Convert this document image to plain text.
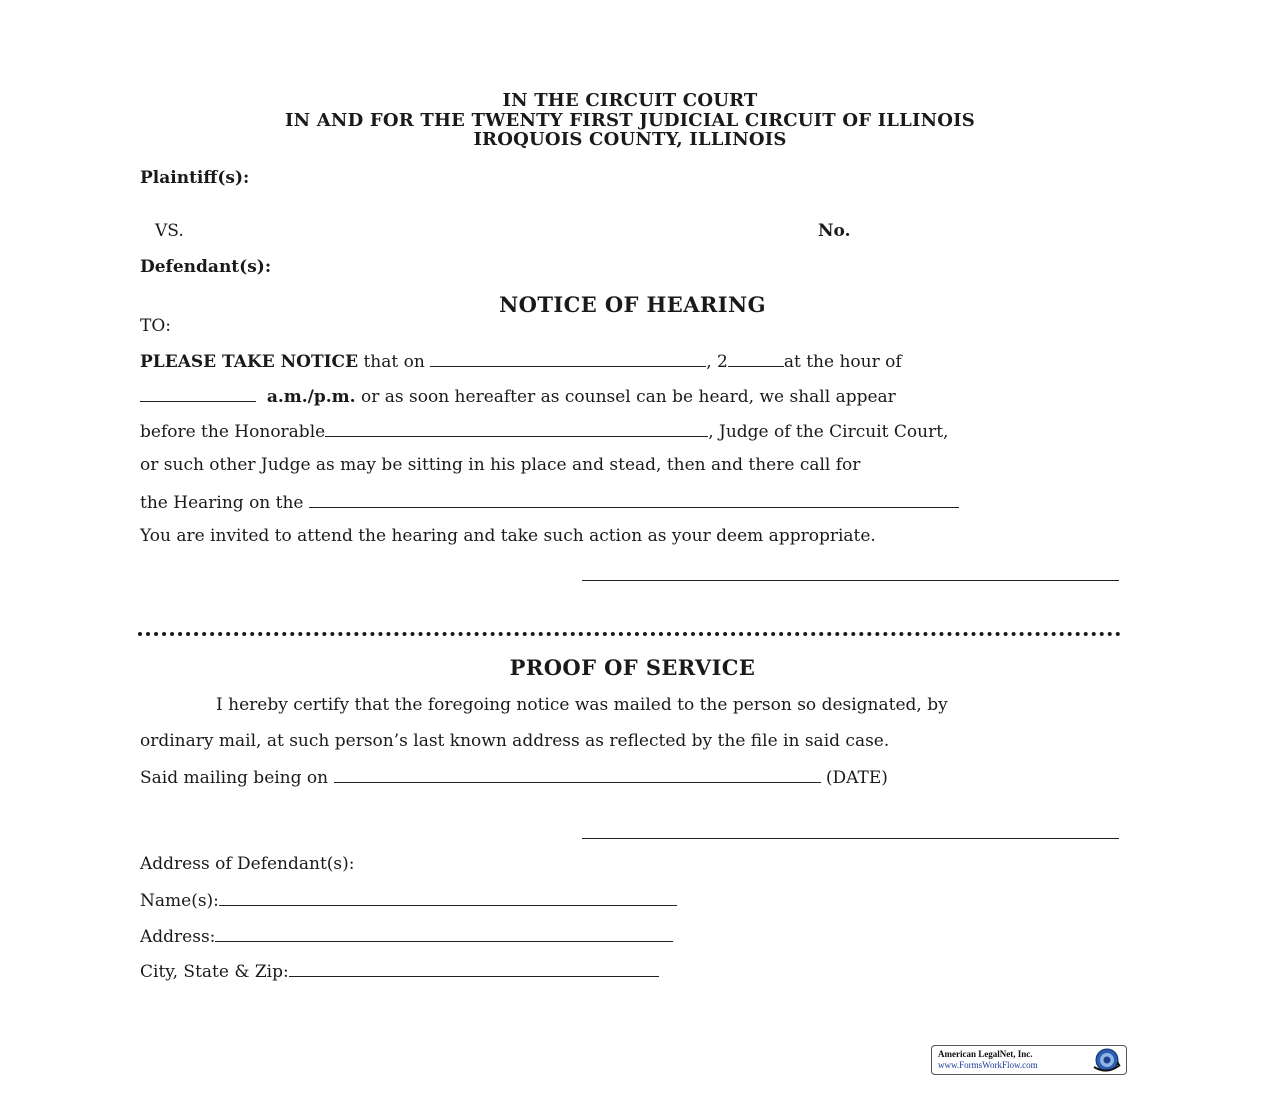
IN THE CIRCUIT COURT
IN AND FOR THE TWENTY FIRST JUDICIAL CIRCUIT OF ILLINOIS
IROQUOIS COUNTY, ILLINOIS
Plaintiff(s):
VS.	No.
Defendant(s):
NOTICE OF HEARING
TO:
PLEASE TAKE NOTICE that on	, 2	at the hour of
a.m./p.m. or as soon hereafter as counsel can be heard, we shall appear
before the Honorable	, Judge of the Circuit Court,
or such other Judge as may be sitting in his place and stead, then and there call for
the Hearing on the
You are invited to attend the hearing and take such action as your deem appropriate.
PROOF OF SERVICE
I hereby certify that the foregoing notice was mailed to the person so designated, by
ordinary mail, at such person’s last known address as reflected by the file in said case.
Said mailing being on	(DATE)
Address of Defendant(s):
Name(s):
Address:
City, State & Zip:
American LegalNet, Inc.
www.FormsWorkFlow.com
